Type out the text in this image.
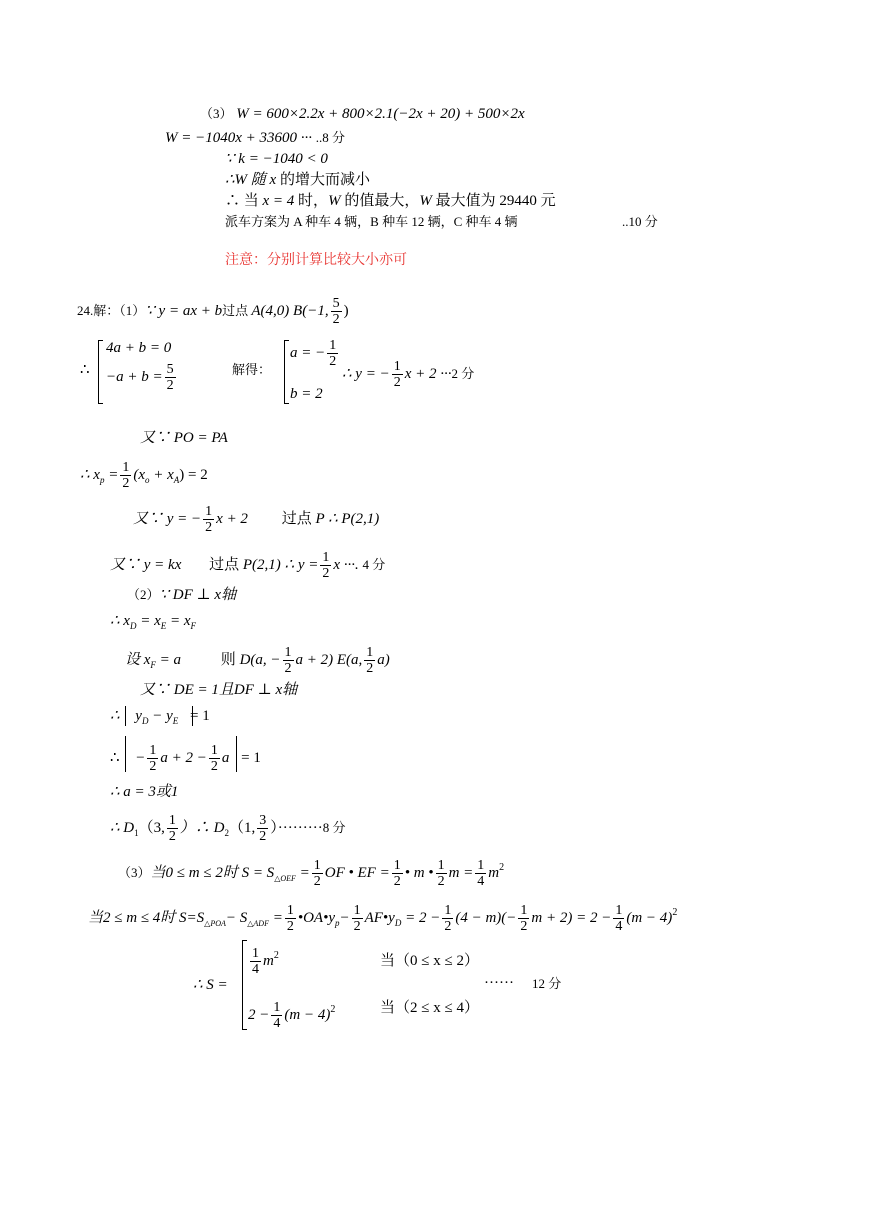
（3） W = 600×2.2x + 800×2.1(−2x + 20) + 500×2x
W = −1040x + 33600 ··· ..8 分
∵ k = −1040 < 0
∴W 随 x 的增大而减小
∴ 当 x = 4 时，W 的值最大，W 最大值为 29440 元
派车方案为 A 种车 4 辆，B 种车 12 辆，C 种车 4 辆	..10 分
注意：分别计算比较大小亦可
24.解：（1）∵ y = ax + b过点 A(4,0) B(−1, $\frac{5}{2}$ )
∴
4a + b = 0
$-a + b = \frac{5}{2}$	解得：
a = − $\frac{1}{2}$
∴ y = − $\frac{1}{2}$ x + 2 ···2 分
b = 2
又∵ PO = PA
∴ $x_p = \frac{1}{2} (x_o + x_A) = 2$
又∵ y = − $\frac{1}{2}$ x + 2 过点 P ∴ P(2,1)
又∵ y = kx 过点 P(2,1) ∴ $y = \frac{1}{2}$ x ···. 4 分
（2）∵ DF ⊥ x轴
∴ $x_D = x_E = x_F$
设 $x_F = a$	则 D(a, − $\frac{1}{2}$ a + 2) E(a, $\frac{1}{2} a$)
又∵ DE = 1且DF ⊥ x轴
∴ $y_D - y_E = 1$
∴ − $\frac{1}{2}$ $a + 2 - \frac{1}{2}$ a = 1
∴ a = 3或1
∴ $D_1(3$, $\frac{1}{2}$ ）∴ $D_2(1$, $\frac{3}{2} )\cdot\cdot\cdot\cdot\cdot\cdot\cdot\cdot\cdot 8$ 分
（3）当0 ≤ m ≤ 2时 $S = S_{\triangle OEF} = \frac{1}{2}$ OF • EF = $\frac{1}{2}$ • m • $\frac{1}{2}$ $m = \frac{1}{4} m^2$
当2 ≤ m ≤ 4时 $S=S_{\triangle POA}- S_{\triangle ADF} = \frac{1}{2}$ $•OA•y_p- \frac{1}{2}$ $AF•y_D = 2 - \frac{1}{2} (4 - m)(- \frac{1}{2}$ $m + 2) = 2 - \frac{1}{4} (m - 4)^2$
∴ S =
$\frac{1}{4} m^2$
$2 - \frac{1}{4} (m - 4)^2$
当（0 ≤ x ≤ 2）
当（2 ≤ x ≤ 4）
······ 12 分
